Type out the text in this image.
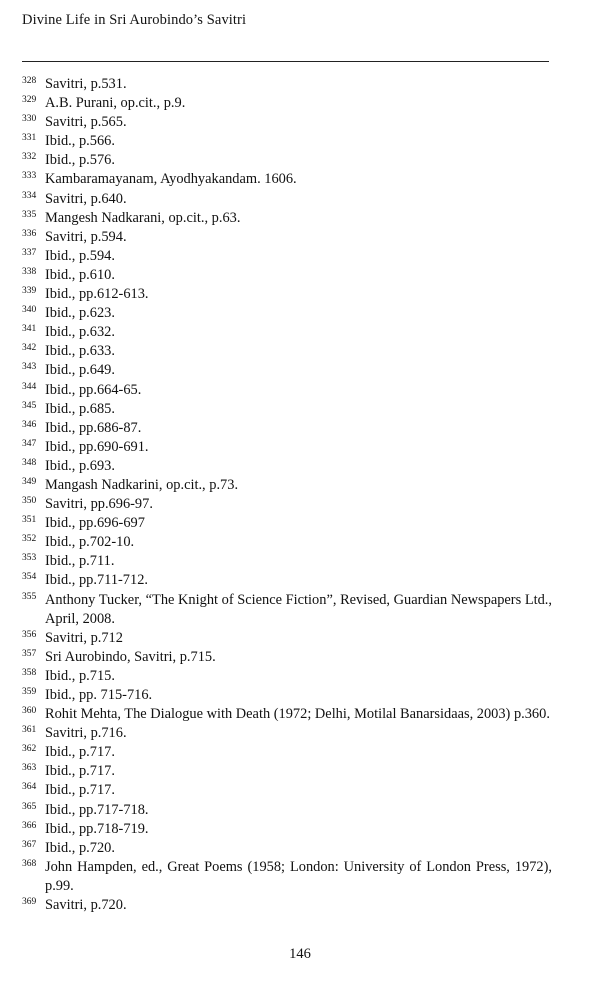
Divine Life in Sri Aurobindo’s Savitri
328 Savitri, p.531.
329 A.B. Purani, op.cit., p.9.
330 Savitri, p.565.
331 Ibid., p.566.
332 Ibid., p.576.
333 Kambaramayanam, Ayodhyakandam. 1606.
334 Savitri, p.640.
335 Mangesh Nadkarani, op.cit., p.63.
336 Savitri, p.594.
337 Ibid., p.594.
338 Ibid., p.610.
339 Ibid., pp.612-613.
340 Ibid., p.623.
341 Ibid., p.632.
342 Ibid., p.633.
343 Ibid., p.649.
344 Ibid., pp.664-65.
345 Ibid., p.685.
346 Ibid., pp.686-87.
347 Ibid., pp.690-691.
348 Ibid., p.693.
349 Mangash Nadkarini, op.cit., p.73.
350 Savitri, pp.696-97.
351 Ibid., pp.696-697
352 Ibid., p.702-10.
353 Ibid., p.711.
354 Ibid., pp.711-712.
355 Anthony Tucker, “The Knight of Science Fiction”, Revised, Guardian Newspapers Ltd., April, 2008.
356 Savitri, p.712
357 Sri Aurobindo, Savitri, p.715.
358 Ibid., p.715.
359 Ibid., pp. 715-716.
360 Rohit Mehta, The Dialogue with Death (1972; Delhi, Motilal Banarsidaas, 2003) p.360.
361 Savitri, p.716.
362 Ibid., p.717.
363 Ibid., p.717.
364 Ibid., p.717.
365 Ibid., pp.717-718.
366 Ibid., pp.718-719.
367 Ibid., p.720.
368 John Hampden, ed., Great Poems (1958; London: University of London Press, 1972), p.99.
369 Savitri, p.720.
146
